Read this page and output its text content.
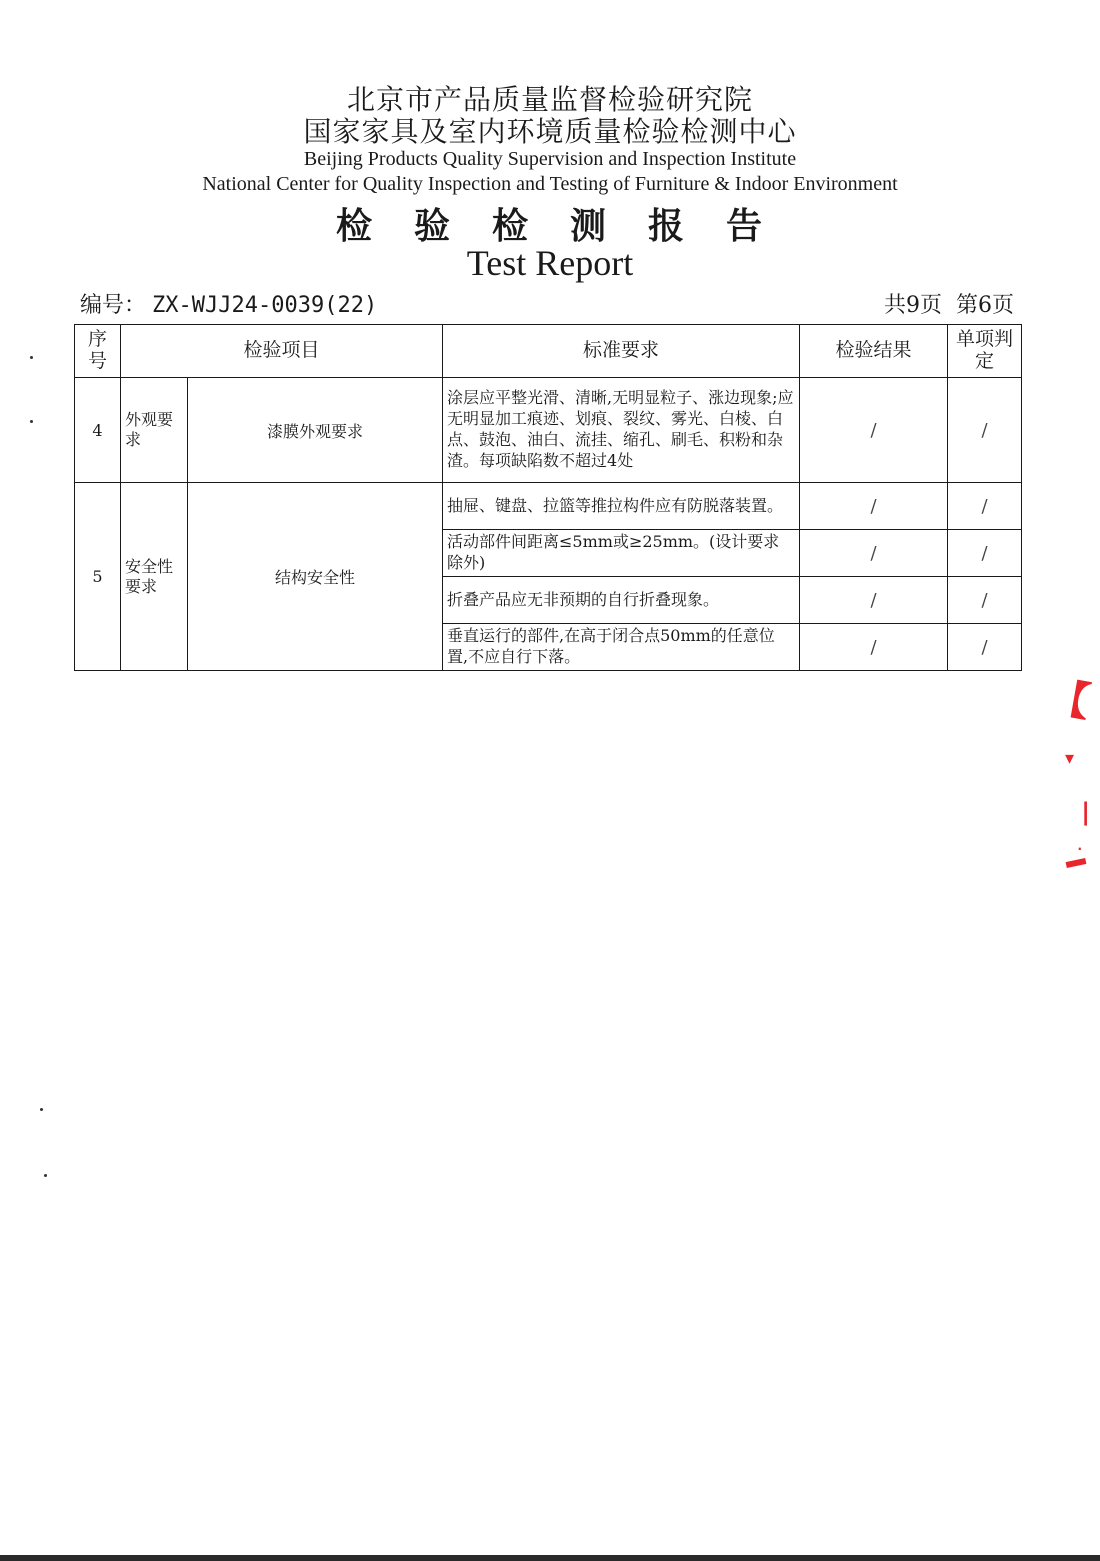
北京市产品质量监督检验研究院
国家家具及室内环境质量检验检测中心
Beijing Products Quality Supervision and Inspection Institute
National Center for Quality Inspection and Testing of Furniture & Indoor Environment
检验检测报告
Test Report
编号： ZX-WJJ24-0039(22)	共9页 第6页
序号	检验项目		标准要求	检验结果	单项判定
4	外观要求	漆膜外观要求	涂层应平整光滑、清晰,无明显粒子、涨边现象;应无明显加工痕迹、划痕、裂纹、雾光、白棱、白点、鼓泡、油白、流挂、缩孔、刷毛、积粉和杂渣。每项缺陷数不超过4处	/	/
5	安全性要求	结构安全性	抽屉、键盘、拉篮等推拉构件应有防脱落装置。	/	/
			活动部件间距离≤5mm或≥25mm。(设计要求除外)	/	/
			折叠产品应无非预期的自行折叠现象。	/	/
			垂直运行的部件,在高于闭合点50mm的任意位置,不应自行下落。	/	/
【
▾
|
·
